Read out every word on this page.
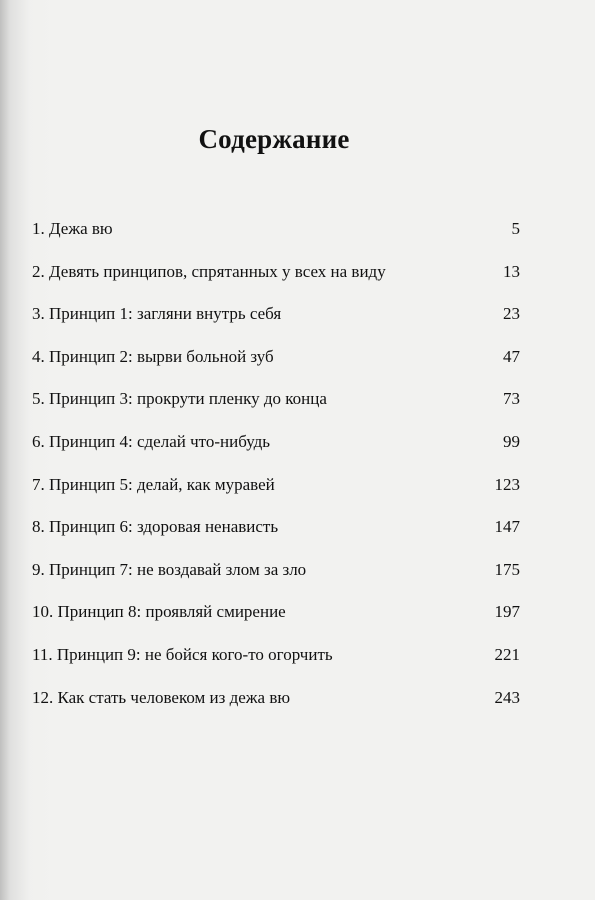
Содержание
1. Дежа вю	5
2. Девять принципов, спрятанных у всех на виду	13
3. Принцип 1: загляни внутрь себя	23
4. Принцип 2: вырви больной зуб	47
5. Принцип 3: прокрути пленку до конца	73
6. Принцип 4: сделай что-нибудь	99
7. Принцип 5: делай, как муравей	123
8. Принцип 6: здоровая ненависть	147
9. Принцип 7: не воздавай злом за зло	175
10. Принцип 8: проявляй смирение	197
11. Принцип 9: не бойся кого-то огорчить	221
12. Как стать человеком из дежа вю	243
